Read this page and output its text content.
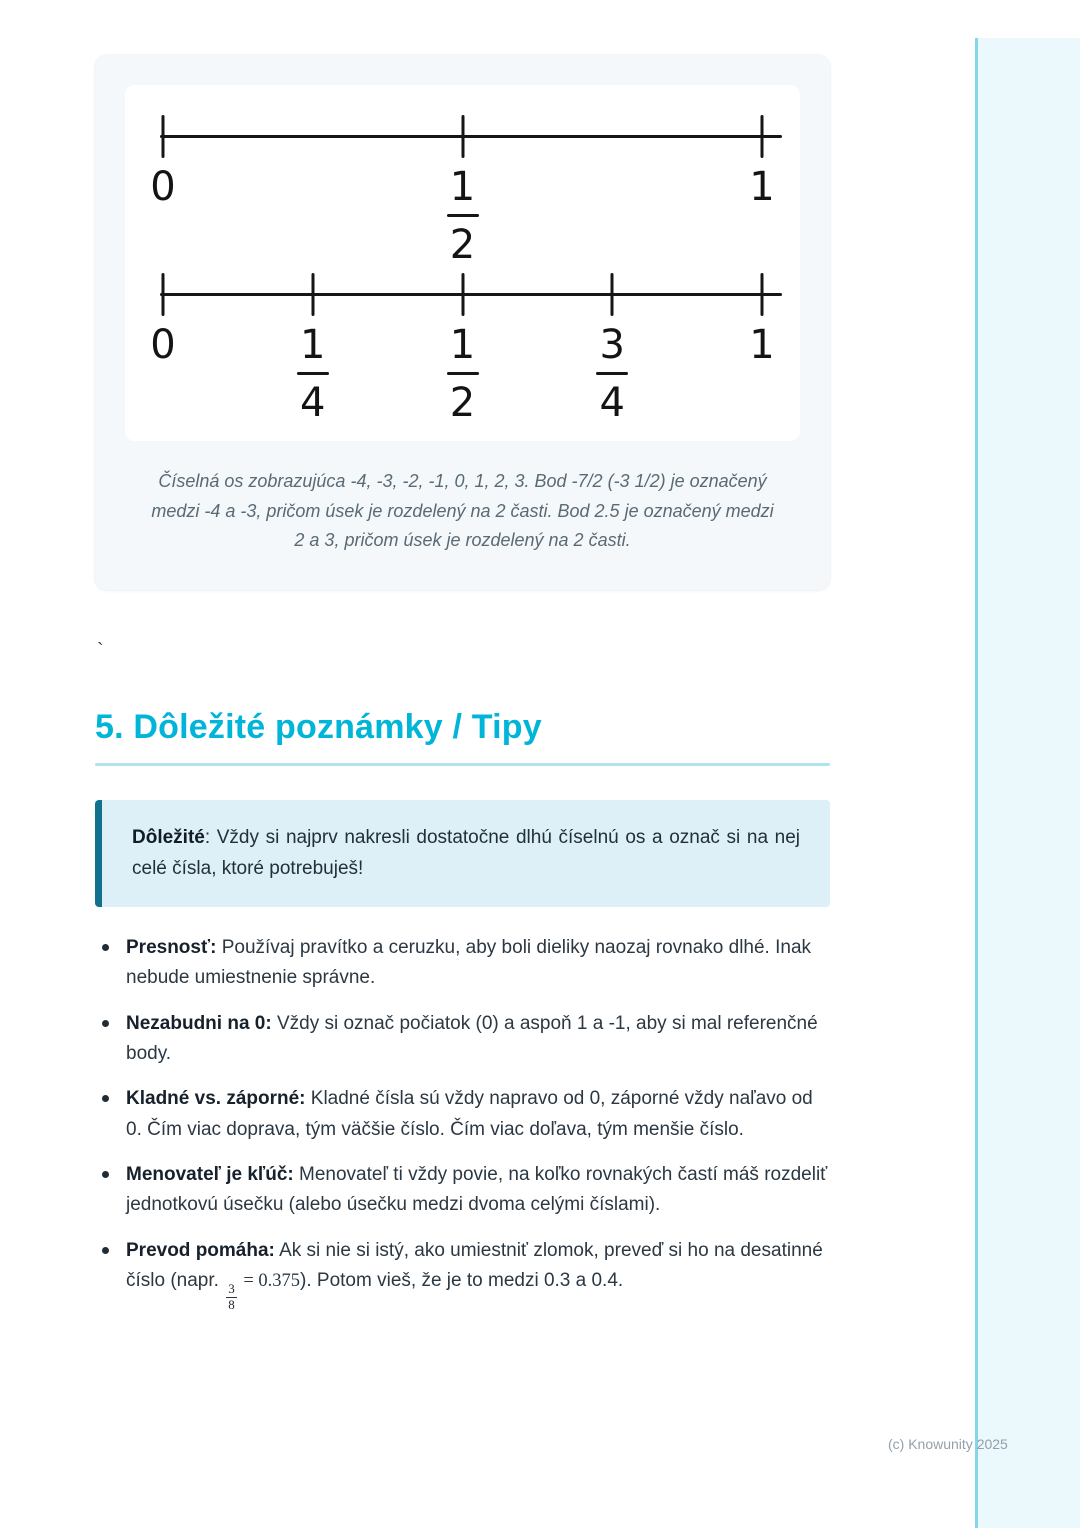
0	1
2
1
0	1
4
1
2
3
4
1

Číselná os zobrazujúca -4, -3, -2, -1, 0, 1, 2, 3. Bod -7/2 (-3 1/2) je označený medzi -4 a -3, pričom úsek je rozdelený na 2 časti. Bod 2.5 je označený medzi 2 a 3, pričom úsek je rozdelený na 2 časti.

`
5. Dôležité poznámky / Tipy
Dôležité: Vždy si najprv nakresli dostatočne dlhú číselnú os a označ si na nej celé čísla, ktoré potrebuješ!
Presnosť: Používaj pravítko a ceruzku, aby boli dieliky naozaj rovnako dlhé. Inak nebude umiestnenie správne.
Nezabudni na 0: Vždy si označ počiatok (0) a aspoň 1 a -1, aby si mal referenčné body.
Kladné vs. záporné: Kladné čísla sú vždy napravo od 0, záporné vždy naľavo od 0. Čím viac doprava, tým väčšie číslo. Čím viac doľava, tým menšie číslo.
Menovateľ je kľúč: Menovateľ ti vždy povie, na koľko rovnakých častí máš rozdeliť jednotkovú úsečku (alebo úsečku medzi dvoma celými číslami).
Prevod pomáha: Ak si nie si istý, ako umiestniť zlomok, preveď si ho na desatinné číslo (napr.
$\frac{3}{8}$
= 0.375). Potom vieš, že je to medzi 0.3 a 0.4.
(c) Knowunity 2025
